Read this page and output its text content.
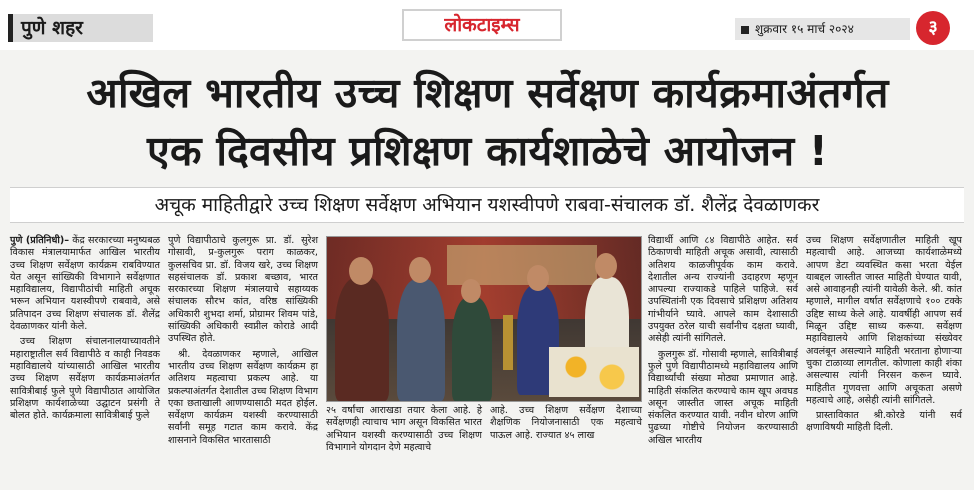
पुणे शहर	लोकटाइम्स	शुक्रवार १५ मार्च २०२४	३
अखिल भारतीय उच्च शिक्षण सर्वेक्षण कार्यक्रमाअंतर्गत
एक दिवसीय प्रशिक्षण कार्यशाळेचे आयोजन !
अचूक माहितीद्वारे उच्च शिक्षण सर्वेक्षण अभियान यशस्वीपणे राबवा-संचालक डॉ. शैलेंद्र देवळाणकर

पुणे (प्रतिनिधी)– केंद्र सरकारच्या मनुष्यबळ विकास मंत्रालयामार्फत आखिल भारतीय उच्च शिक्षण सर्वेक्षण कार्यक्रम राबविण्यात येत असून सांख्यिकी विभागाने सर्वेक्षणात महाविद्यालय, विद्यापीठांची माहिती अचूक भरून अभियान यशस्वीपणे राबवावे, असे प्रतिपादन उच्च शिक्षण संचालक डॉ. शैलेंद्र देवळाणकर यांनी केले.

उच्च शिक्षण संचालनालयाच्यावतीने महाराष्ट्रातील सर्व विद्यापीठे व काही निवडक महाविद्यालये यांच्यासाठी आखिल भारतीय उच्च शिक्षण सर्वेक्षण कार्यक्रमाअंतर्गत सावित्रीबाई फुले पुणे विद्यापीठात आयोजित प्रशिक्षण कार्यशाळेच्या उद्घाटन प्रसंगी ते बोलत होते. कार्यक्रमाला सावित्रीबाई फुले

पुणे विद्यापीठाचे कुलगुरू प्रा. डॉ. सुरेश गोसावी, प्र-कुलगुरू पराग काळकर, कुलसचिव प्रा. डॉ. विजय खरे, उच्च शिक्षण सहसंचालक डॉ. प्रकाश बच्छाव, भारत सरकारच्या शिक्षण मंत्रालयाचे सहाय्यक संचालक सौरभ कांत, वरिष्ठ सांख्यिकी अधिकारी शुभदा शर्मा, प्रोग्रामर शिवम पांडे, सांख्यिकी अधिकारी स्वप्नील कोराडे आदी उपस्थित होते.

श्री. देवळाणकर म्हणाले, आखिल भारतीय उच्च शिक्षण सर्वेक्षण कार्यक्रम हा अतिशय महत्वाचा प्रकल्प आहे. या प्रकल्पाअंतर्गत देशातील उच्च शिक्षण विभाग एका छताखाली आणण्यासाठी मदत होईल. सर्वेक्षण कार्यक्रम यशस्वी करण्यासाठी सर्वांनी समूह गटात काम करावे. केंद्र शासनाने विकसित भारतासाठी

२५ वर्षांचा आराखडा तयार केला आहे. हे सर्वेक्षणही त्याचाच भाग असून विकसित भारत अभियान यशस्वी करण्यासाठी उच्च शिक्षण विभागाने योगदान देणे महत्वाचे

आहे. उच्च शिक्षण सर्वेक्षण देशाच्या शैक्षणिक नियोजनासाठी एक महत्वाचे पाऊल आहे. राज्यात ४५ लाख

विद्यार्थी आणि ८४ विद्यापीठे आहेत. सर्व ठिकाणची माहिती अचूक असावी, त्यासाठी अतिशय काळजीपूर्वक काम करावे. देशातील अन्य राज्यांनी उदाहरण म्हणून आपल्या राज्याकडे पाहिले पाहिजे. सर्व उपस्थितांनी एक दिवसाचे प्रशिक्षण अतिशय गांभीर्याने घ्यावे. आपले काम देशासाठी उपयुक्त ठरेल याची सर्वांनीच दक्षता घ्यावी, असेही त्यांनी सांगितले.

कुलगुरू डॉ. गोसावी म्हणाले, सावित्रीबाई फुले पुणे विद्यापीठामध्ये महाविद्यालय आणि विद्यार्थ्यांची संख्या मोठ्या प्रमाणात आहे. माहिती संकलित करण्याचे काम खूप अवघड असून जास्तीत जास्त अचूक माहिती संकलित करण्यात यावी. नवीन धोरण आणि पुढच्या गोष्टीचे नियोजन करण्यासाठी अखिल भारतीय

उच्च शिक्षण सर्वेक्षणातील माहिती खूप महत्वाची आहे. आजच्या कार्यशाळेमध्ये आपण डेटा व्यवस्थित कसा भरता येईल याबद्दल जास्तीत जास्त माहिती घेण्यात यावी, असे आवाहनही त्यांनी यावेळी केले. श्री. कांत म्हणाले, मागील वर्षात सर्वेक्षणाचे १०० टक्के उद्दिष्ट साध्य केले आहे. यावर्षीही आपण सर्व मिळून उद्दिष्ट साध्य करूया. सर्वेक्षण महाविद्यालये आणि शिक्षकांच्या संख्येवर अवलंबून असल्याने माहिती भरताना होणाऱ्या चुका टाळाव्या लागतील. कोणाला काही शंका असल्यास त्यांनी निरसन करून घ्यावे. माहितीत गुणवत्ता आणि अचूकता असणे महत्वाचे आहे, असेही त्यांनी सांगितले.

प्रास्ताविकात श्री.कोरडे यांनी सर्व क्षणाविषयी माहिती दिली.
